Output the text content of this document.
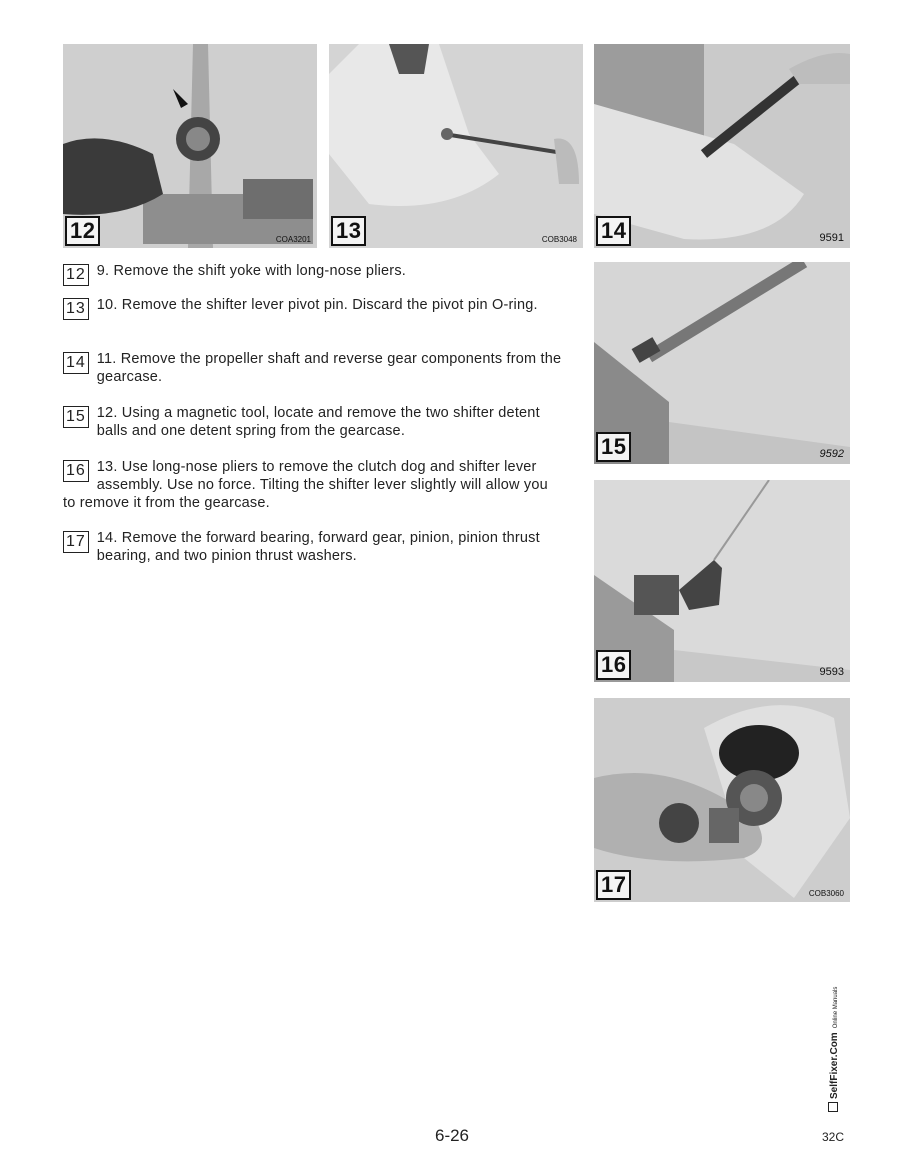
12	COA3201 13	COB3048 14	9591
15	9592
16	9593
17	COB3060
12 9. Remove the shift yoke with long-nose pliers.
13 10. Remove the shifter lever pivot pin. Discard the pivot pin O-ring.
14 11. Remove the propeller shaft and reverse gear components from the gearcase.
15 12. Using a magnetic tool, locate and remove the two shifter detent balls and one detent spring from the gearcase.
16 13. Use long-nose pliers to remove the clutch dog and shifter lever assembly. Use no force. Tilting the shifter lever slightly will allow you to remove it from the gearcase.
17 14. Remove the forward bearing, forward gear, pinion, pinion thrust bearing, and two pinion thrust washers.
6-26	32C
SelfFixer.ComOnline Manuals
